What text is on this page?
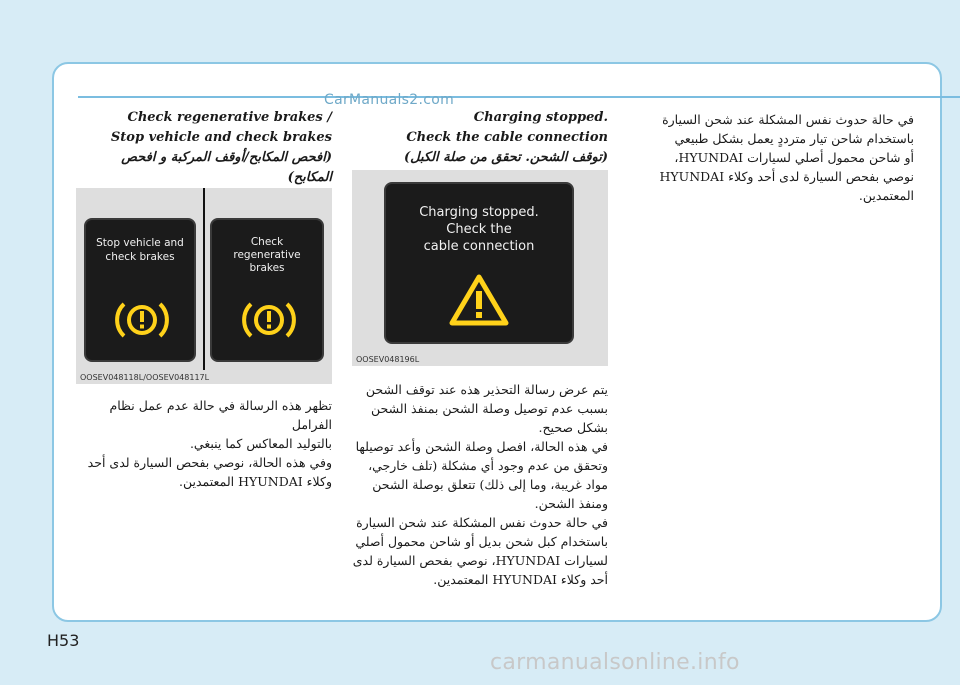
CarManuals2.com

في حالة حدوث نفس المشكلة عند شحن السيارة

باستخدام شاحن تيار مترددٍ يعمل بشكل طبيعي

أو شاحن محمول أصلي لسيارات HYUNDAI،

نوصي بفحص السيارة لدى أحد وكلاء HYUNDAI

المعتمدين.

Charging stopped.
Check the cable connection
(توقف الشحن. تحقق من صلة الكبل)
Charging stopped.
Check the
cable connection
OOSEV048196L

يتم عرض رسالة التحذير هذه عند توقف الشحن

بسبب عدم توصيل وصلة الشحن بمنفذ الشحن

بشكل صحيح.

في هذه الحالة، افصل وصلة الشحن وأعد توصيلها

وتحقق من عدم وجود أي مشكلة (تلف خارجي،

مواد غريبة، وما إلى ذلك) تتعلق بوصلة الشحن

ومنفذ الشحن.

في حالة حدوث نفس المشكلة عند شحن السيارة

باستخدام كبل شحن بديل أو شاحن محمول أصلي

لسيارات HYUNDAI، نوصي بفحص السيارة لدى

أحد وكلاء HYUNDAI المعتمدين.

Check regenerative brakes /
Stop vehicle and check brakes
(افحص المكابح/أوقف المركبة و افحص
المكابح)
Stop vehicle and
check brakes
Check
regenerative
brakes
OOSEV048118L/OOSEV048117L

تظهر هذه الرسالة في حالة عدم عمل نظام الفرامل

بالتوليد المعاكس كما ينبغي.

وفي هذه الحالة، نوصي بفحص السيارة لدى أحد

وكلاء HYUNDAI المعتمدين.

H53
carmanualsonline.info
